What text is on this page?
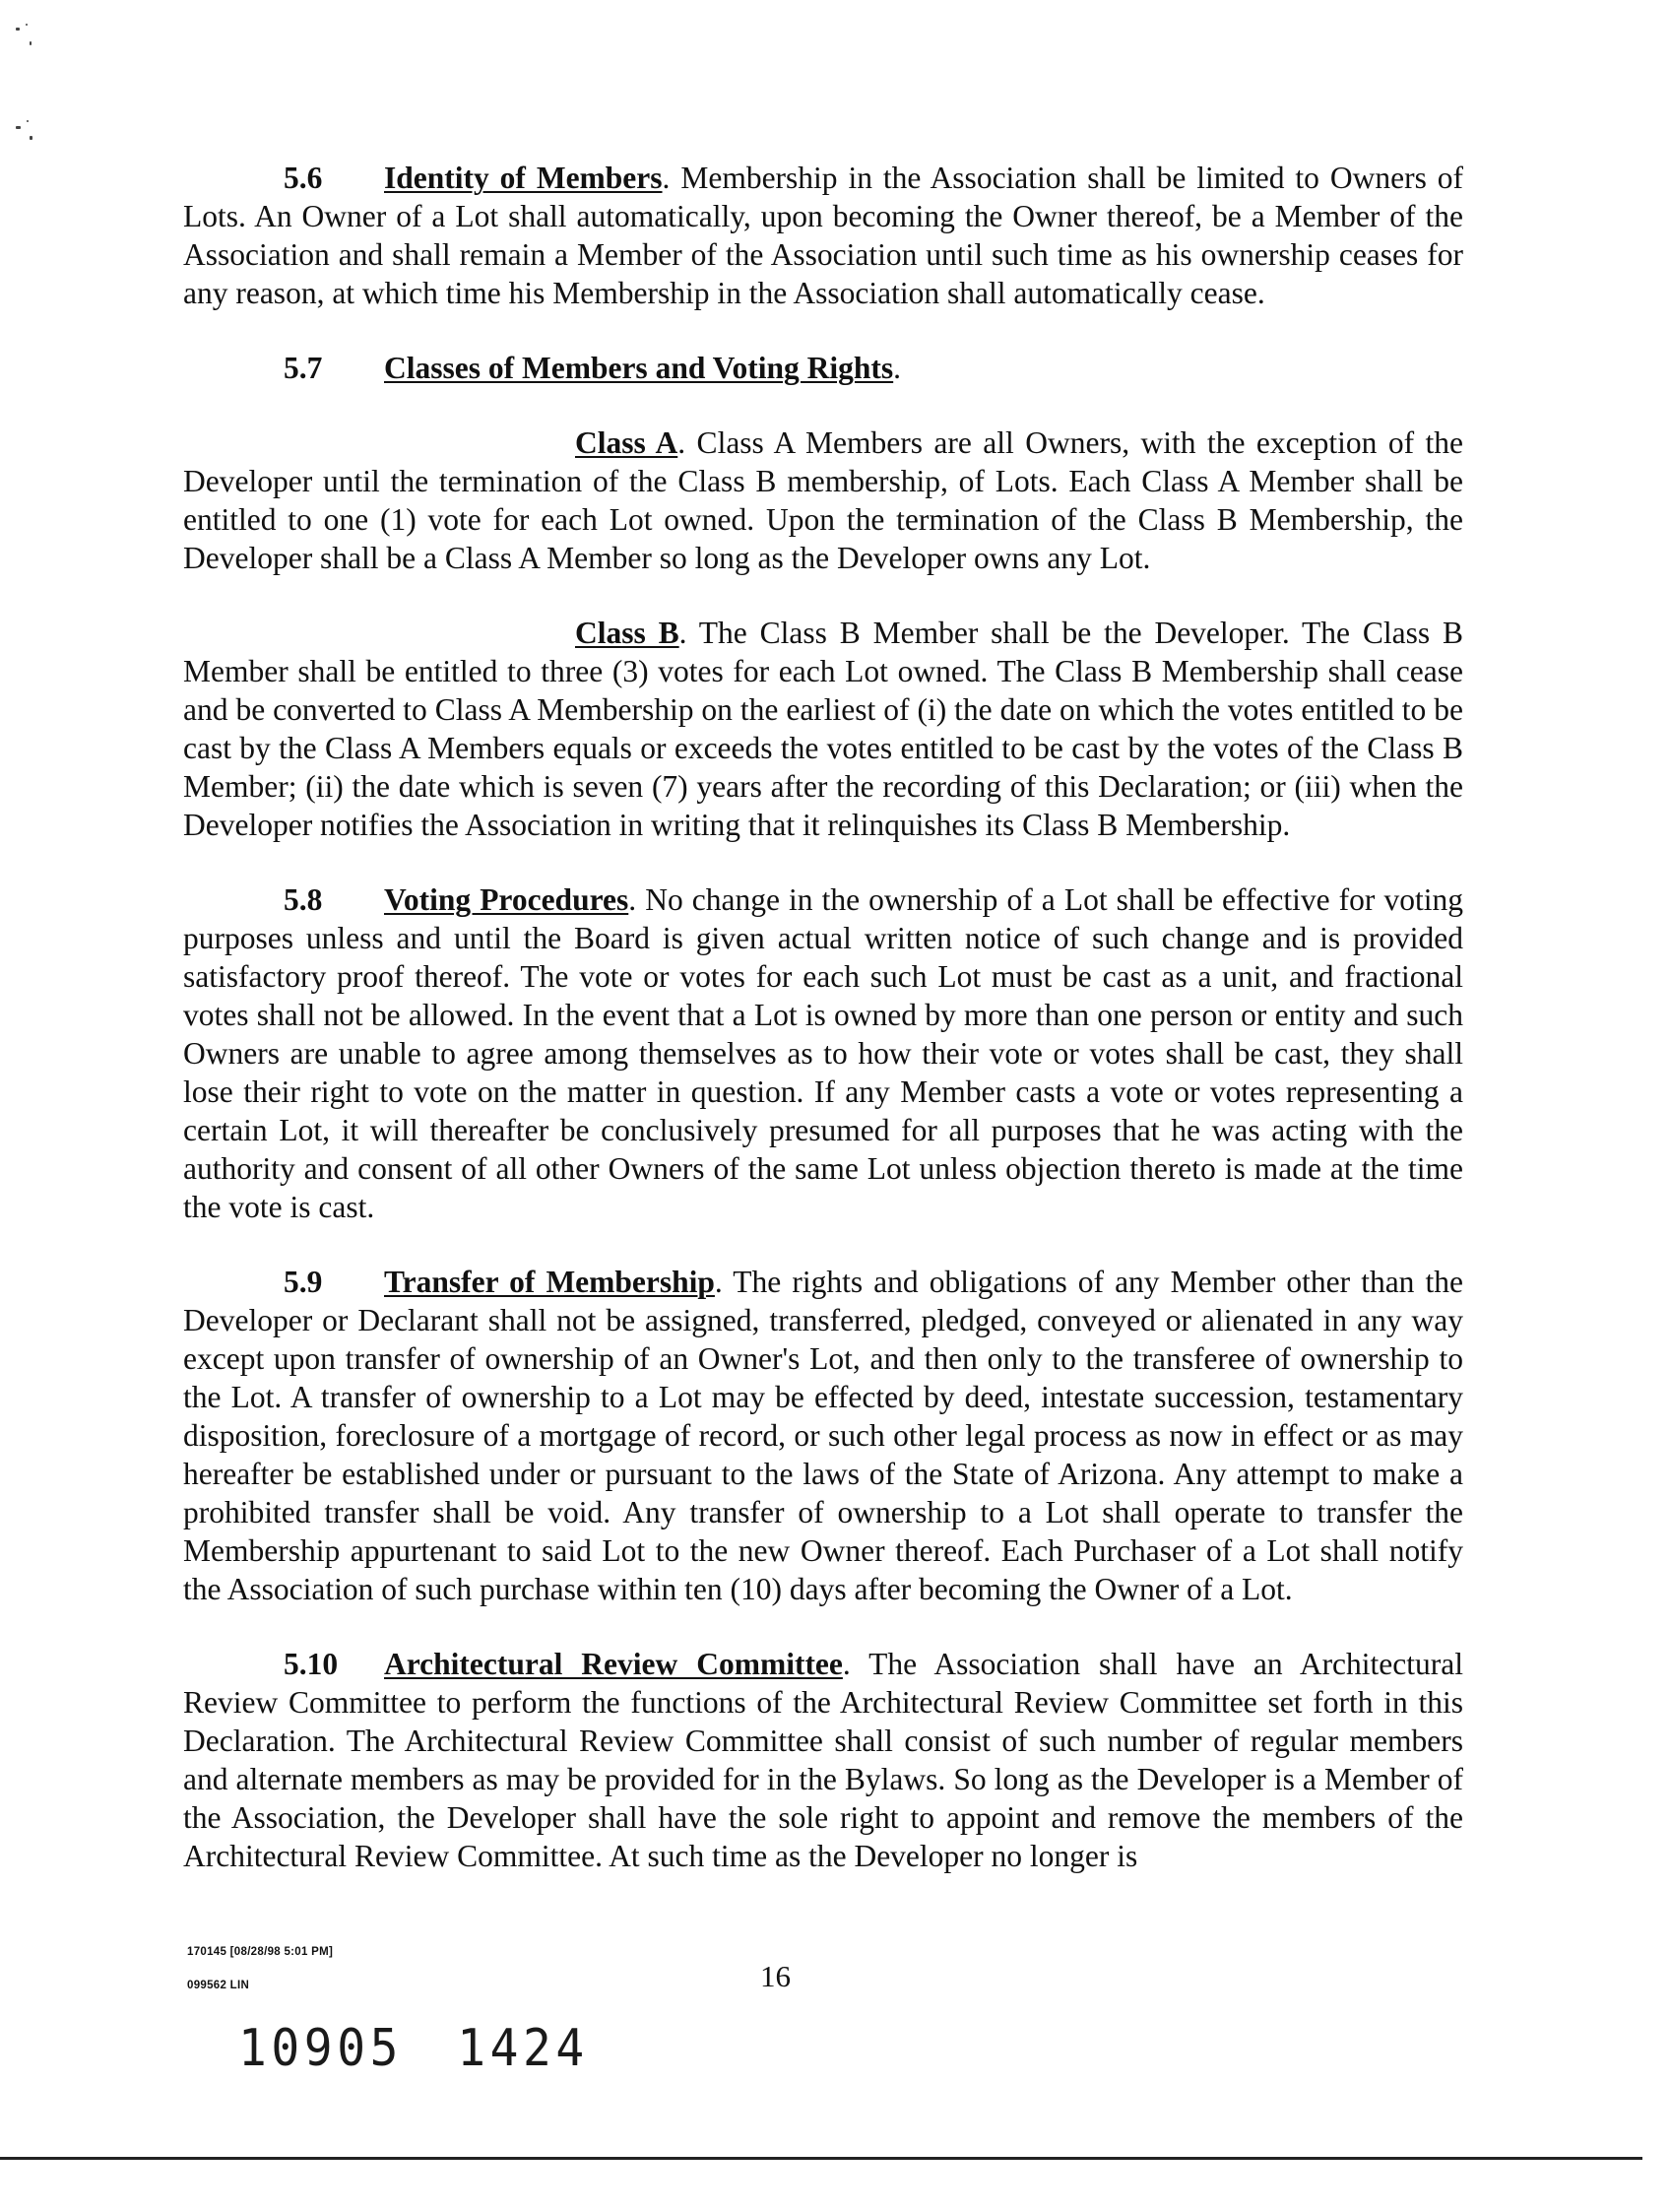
5.6 Identity of Members. Membership in the Association shall be limited to Owners of Lots. An Owner of a Lot shall automatically, upon becoming the Owner thereof, be a Member of the Association and shall remain a Member of the Association until such time as his ownership ceases for any reason, at which time his Membership in the Association shall automatically cease.

5.7 Classes of Members and Voting Rights.

Class A. Class A Members are all Owners, with the exception of the Developer until the termination of the Class B membership, of Lots. Each Class A Member shall be entitled to one (1) vote for each Lot owned. Upon the termination of the Class B Membership, the Developer shall be a Class A Member so long as the Developer owns any Lot.

Class B. The Class B Member shall be the Developer. The Class B Member shall be entitled to three (3) votes for each Lot owned. The Class B Membership shall cease and be converted to Class A Membership on the earliest of (i) the date on which the votes entitled to be cast by the Class A Members equals or exceeds the votes entitled to be cast by the votes of the Class B Member; (ii) the date which is seven (7) years after the recording of this Declaration; or (iii) when the Developer notifies the Association in writing that it relinquishes its Class B Membership.

5.8 Voting Procedures. No change in the ownership of a Lot shall be effective for voting purposes unless and until the Board is given actual written notice of such change and is provided satisfactory proof thereof. The vote or votes for each such Lot must be cast as a unit, and fractional votes shall not be allowed. In the event that a Lot is owned by more than one person or entity and such Owners are unable to agree among themselves as to how their vote or votes shall be cast, they shall lose their right to vote on the matter in question. If any Member casts a vote or votes representing a certain Lot, it will thereafter be conclusively presumed for all purposes that he was acting with the authority and consent of all other Owners of the same Lot unless objection thereto is made at the time the vote is cast.

5.9 Transfer of Membership. The rights and obligations of any Member other than the Developer or Declarant shall not be assigned, transferred, pledged, conveyed or alienated in any way except upon transfer of ownership of an Owner's Lot, and then only to the transferee of ownership to the Lot. A transfer of ownership to a Lot may be effected by deed, intestate succession, testamentary disposition, foreclosure of a mortgage of record, or such other legal process as now in effect or as may hereafter be established under or pursuant to the laws of the State of Arizona. Any attempt to make a prohibited transfer shall be void. Any transfer of ownership to a Lot shall operate to transfer the Membership appurtenant to said Lot to the new Owner thereof. Each Purchaser of a Lot shall notify the Association of such purchase within ten (10) days after becoming the Owner of a Lot.

5.10 Architectural Review Committee. The Association shall have an Architectural Review Committee to perform the functions of the Architectural Review Committee set forth in this Declaration. The Architectural Review Committee shall consist of such number of regular members and alternate members as may be provided for in the Bylaws. So long as the Developer is a Member of the Association, the Developer shall have the sole right to appoint and remove the members of the Architectural Review Committee. At such time as the Developer no longer is

170145 [08/28/98 5:01 PM]
16
099562 LIN
10905 1424
